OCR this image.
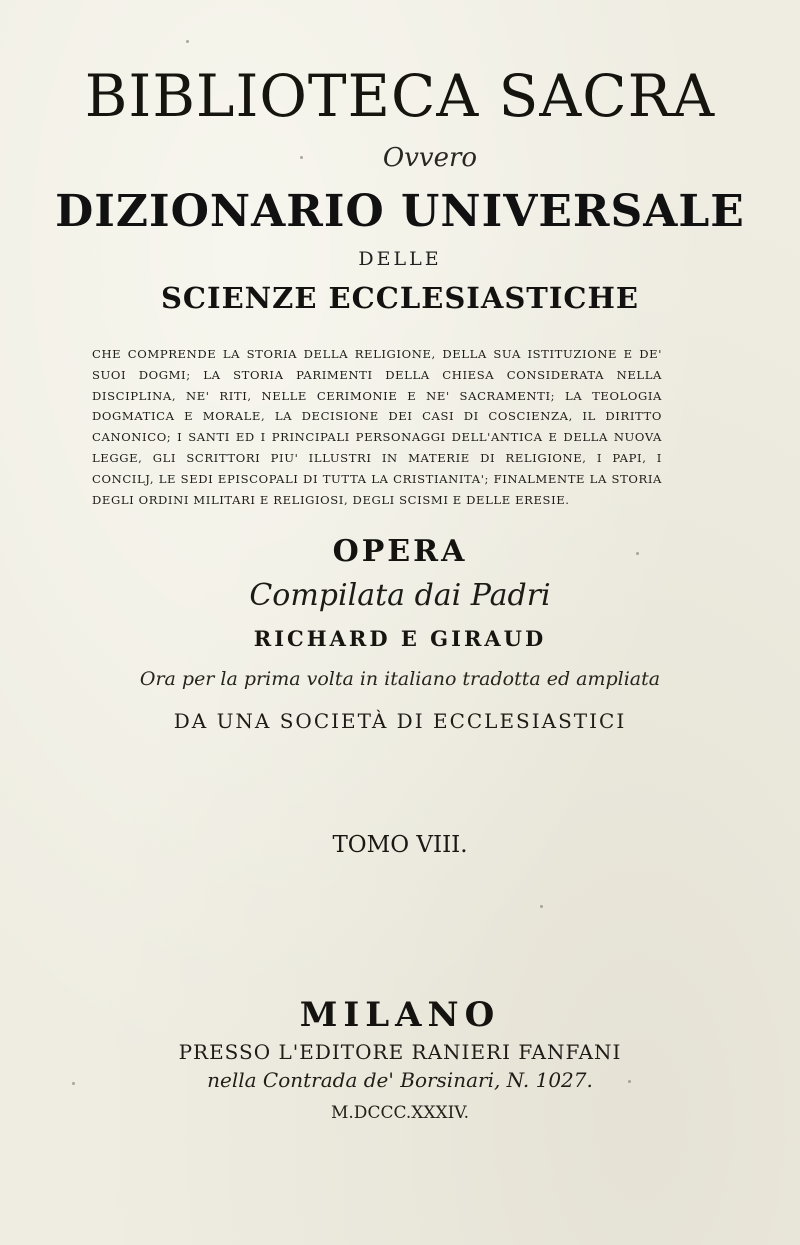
BIBLIOTECA SACRA
Ovvero
DIZIONARIO UNIVERSALE
DELLE
SCIENZE ECCLESIASTICHE
CHE COMPRENDE LA STORIA DELLA RELIGIONE, DELLA SUA ISTITUZIONE E DE' SUOI DOGMI; LA STORIA PARIMENTI DELLA CHIESA CONSIDERATA NELLA DISCIPLINA, NE' RITI, NELLE CERIMONIE E NE' SACRAMENTI; LA TEOLOGIA DOGMATICA E MORALE, LA DECISIONE DEI CASI DI COSCIENZA, IL DIRITTO CANONICO; I SANTI ED I PRINCIPALI PERSONAGGI DELL'ANTICA E DELLA NUOVA LEGGE, GLI SCRITTORI PIU' ILLUSTRI IN MATERIE DI RELIGIONE, I PAPI, I CONCILJ, LE SEDI EPISCOPALI DI TUTTA LA CRISTIANITA'; FINALMENTE LA STORIA DEGLI ORDINI MILITARI E RELIGIOSI, DEGLI SCISMI E DELLE ERESIE.
OPERA
Compilata dai Padri
RICHARD E GIRAUD
Ora per la prima volta in italiano tradotta ed ampliata
DA UNA SOCIETÀ DI ECCLESIASTICI
TOMO VIII.
MILANO
PRESSO L'EDITORE RANIERI FANFANI
nella Contrada de' Borsinari, N. 1027.
M.DCCC.XXXIV.
